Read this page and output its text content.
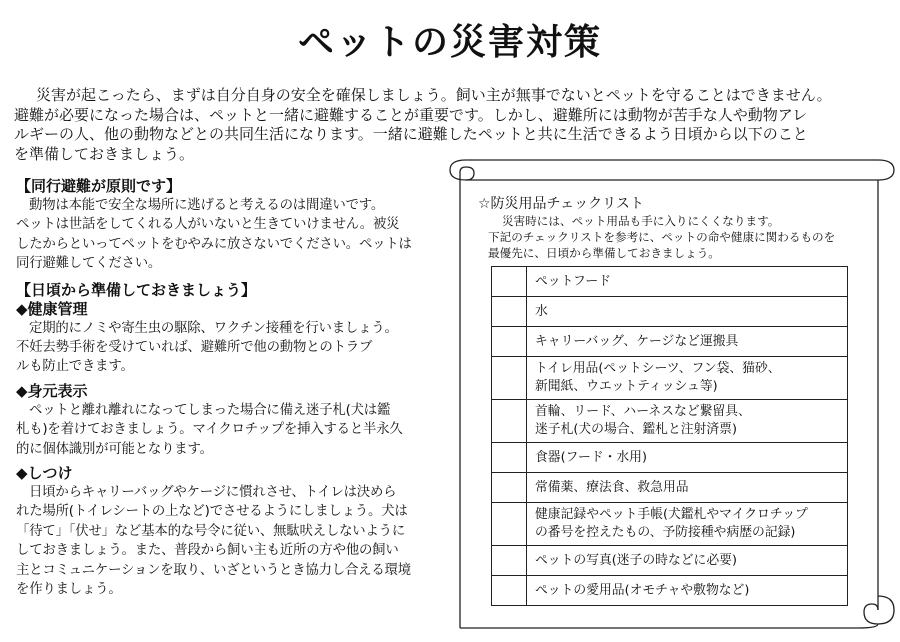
ペットの災害対策

災害が起こったら、まずは自分自身の安全を確保しましょう。飼い主が無事でないとペットを守ることはできません。
避難が必要になった場合は、ペットと一緒に避難することが重要です。しかし、避難所には動物が苦手な人や動物アレ
ルギーの人、他の動物などとの共同生活になります。一緒に避難したペットと共に生活できるよう日頃から以下のこと
を準備しておきましょう。

【同行避難が原則です】

動物は本能で安全な場所に逃げると考えるのは間違いです。
ペットは世話をしてくれる人がいないと生きていけません。被災
したからといってペットをむやみに放さないでください。ペットは
同行避難してください。

【日頃から準備しておきましょう】

◆健康管理

定期的にノミや寄生虫の駆除、ワクチン接種を行いましょう。
不妊去勢手術を受けていれば、避難所で他の動物とのトラブ
ルも防止できます。

◆身元表示

ペットと離れ離れになってしまった場合に備え迷子札(犬は鑑
札も)を着けておきましょう。マイクロチップを挿入すると半永久
的に個体識別が可能となります。

◆しつけ

日頃からキャリーバッグやケージに慣れさせ、トイレは決めら
れた場所(トイレシートの上など)でさせるようにしましょう。犬は
「待て」「伏せ」など基本的な号令に従い、無駄吠えしないように
しておきましょう。また、普段から飼い主も近所の方や他の飼い
主とコミュニケーションを取り、いざというとき協力し合える環境
を作りましょう。

☆防災用品チェックリスト

災害時には、ペット用品も手に入りにくくなります。
下記のチェックリストを参考に、ペットの命や健康に関わるものを
最優先に、日頃から準備しておきましょう。

	ペットフード
	水
	キャリーバッグ、ケージなど運搬具
	トイレ用品(ペットシーツ、フン袋、猫砂、
新聞紙、ウエットティッシュ等)
	首輪、リード、ハーネスなど繋留具、
迷子札(犬の場合、鑑札と注射済票)
	食器(フード・水用)
	常備薬、療法食、救急用品
	健康記録やペット手帳(犬鑑札やマイクロチップ
の番号を控えたもの、予防接種や病歴の記録)
	ペットの写真(迷子の時などに必要)
	ペットの愛用品(オモチャや敷物など)
